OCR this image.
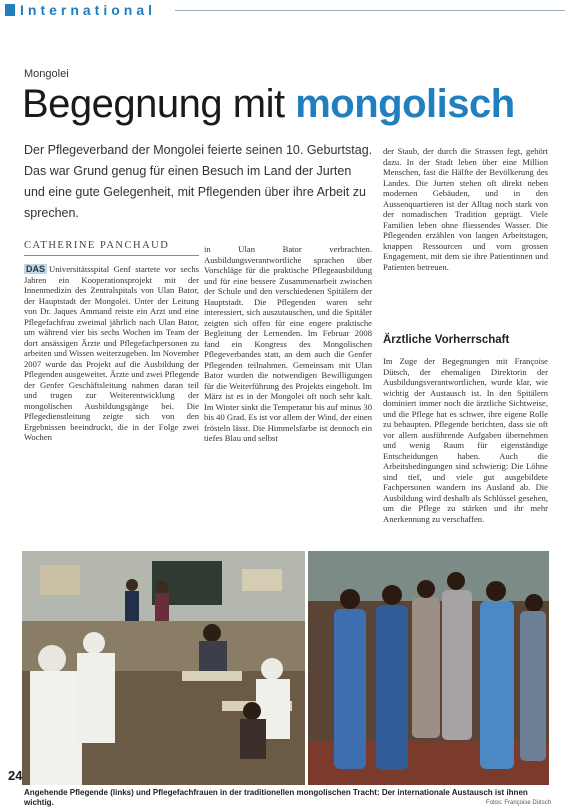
International
Mongolei
Begegnung mit mongolisch
Der Pflegeverband der Mongolei feierte seinen 10. Geburtstag. Das war Grund genug für einen Besuch im Land der Jurten und eine gute Gelegenheit, mit Pflegenden über ihre Arbeit zu sprechen.
CATHERINE PANCHAUD

DAS Universitätsspital Genf startete vor sechs Jahren ein Kooperationsprojekt mit der Innenmedizin des Zentralspitals von Ulan Bator, der Hauptstadt der Mongolei. Unter der Leitung von Dr. Jaques Ammand reiste ein Arzt und eine Pflegefachfrau zweimal jährlich nach Ulan Bator, um während vier bis sechs Wochen im Team der dort ansässigen Ärzte und Pflegefachpersonen zu arbeiten und Wissen weiterzugeben. Im November 2007 wurde das Projekt auf die Ausbildung der Pflegenden ausgeweitet. Ärzte und zwei Pflegende der Genfer Geschäftsleitung nahmen daran teil und trugen zur Weiterentwicklung der mongolischen Ausbildungsgänge bei. Die Pflegedienstleitung zeigte sich von den Ergebnissen beeindruckt, die in der Folge zwei Wochen

in Ulan Bator verbrachten. Ausbildungsverantwortliche sprachen über Vorschläge für die praktische Pflegeausbildung und für eine bessere Zusammenarbeit zwischen der Schule und den verschiedenen Spitälern der Hauptstadt. Die Pflegenden waren sehr interessiert, sich auszutauschen, und die Spitäler zeigten sich offen für eine engere praktische Begleitung der Lernenden. Im Februar 2008 fand ein Kongress des Mongolischen Pflegeverbandes statt, an dem auch die Genfer Pflegenden teilnahmen. Gemeinsam mit Ulan Bator wurden die notwendigen Bewilligungen für die Weiterführung des Projekts eingeholt. Im März ist es in der Mongolei oft noch sehr kalt. Im Winter sinkt die Temperatur bis auf minus 30 bis 40 Grad. Es ist vor allem der Wind, der einen frösteln lässt. Die Himmelsfarbe ist dennoch ein tiefes Blau und selbst

der Staub, der durch die Strassen fegt, gehört dazu. In der Stadt leben über eine Million Menschen, fast die Hälfte der Bevölkerung des Landes. Die Jurten stehen oft direkt neben modernen Gebäuden, und in den Aussenquartieren ist der Alltag noch stark von der nomadischen Tradition geprägt. Viele Familien leben ohne fliessendes Wasser. Die Pflegenden erzählen von langen Arbeitstagen, knappen Ressourcen und vom grossen Engagement, mit dem sie ihre Patientinnen und Patienten betreuen.

Ärztliche Vorherrschaft

Im Zuge der Begegnungen mit Françoise Dütsch, der ehemaligen Direktorin der Ausbildungsverantwortlichen, wurde klar, wie wichtig der Austausch ist. In den Spitälern dominiert immer noch die ärztliche Sichtweise, und die Pflege hat es schwer, ihre eigene Rolle zu behaupten. Pflegende berichten, dass sie oft vor allem ausführende Aufgaben übernehmen und wenig Raum für eigenständige Entscheidungen haben. Auch die Arbeitsbedingungen sind schwierig: Die Löhne sind tief, und viele gut ausgebildete Fachpersonen wandern ins Ausland ab. Die Ausbildung wird deshalb als Schlüssel gesehen, um die Pflege zu stärken und ihr mehr Anerkennung zu verschaffen.

Angehende Pflegende (links) und Pflegefachfrauen in der traditionellen mongolischen Tracht: Der internationale Austausch ist ihnen wichtig.	Fotos: Françoise Dütsch
24
